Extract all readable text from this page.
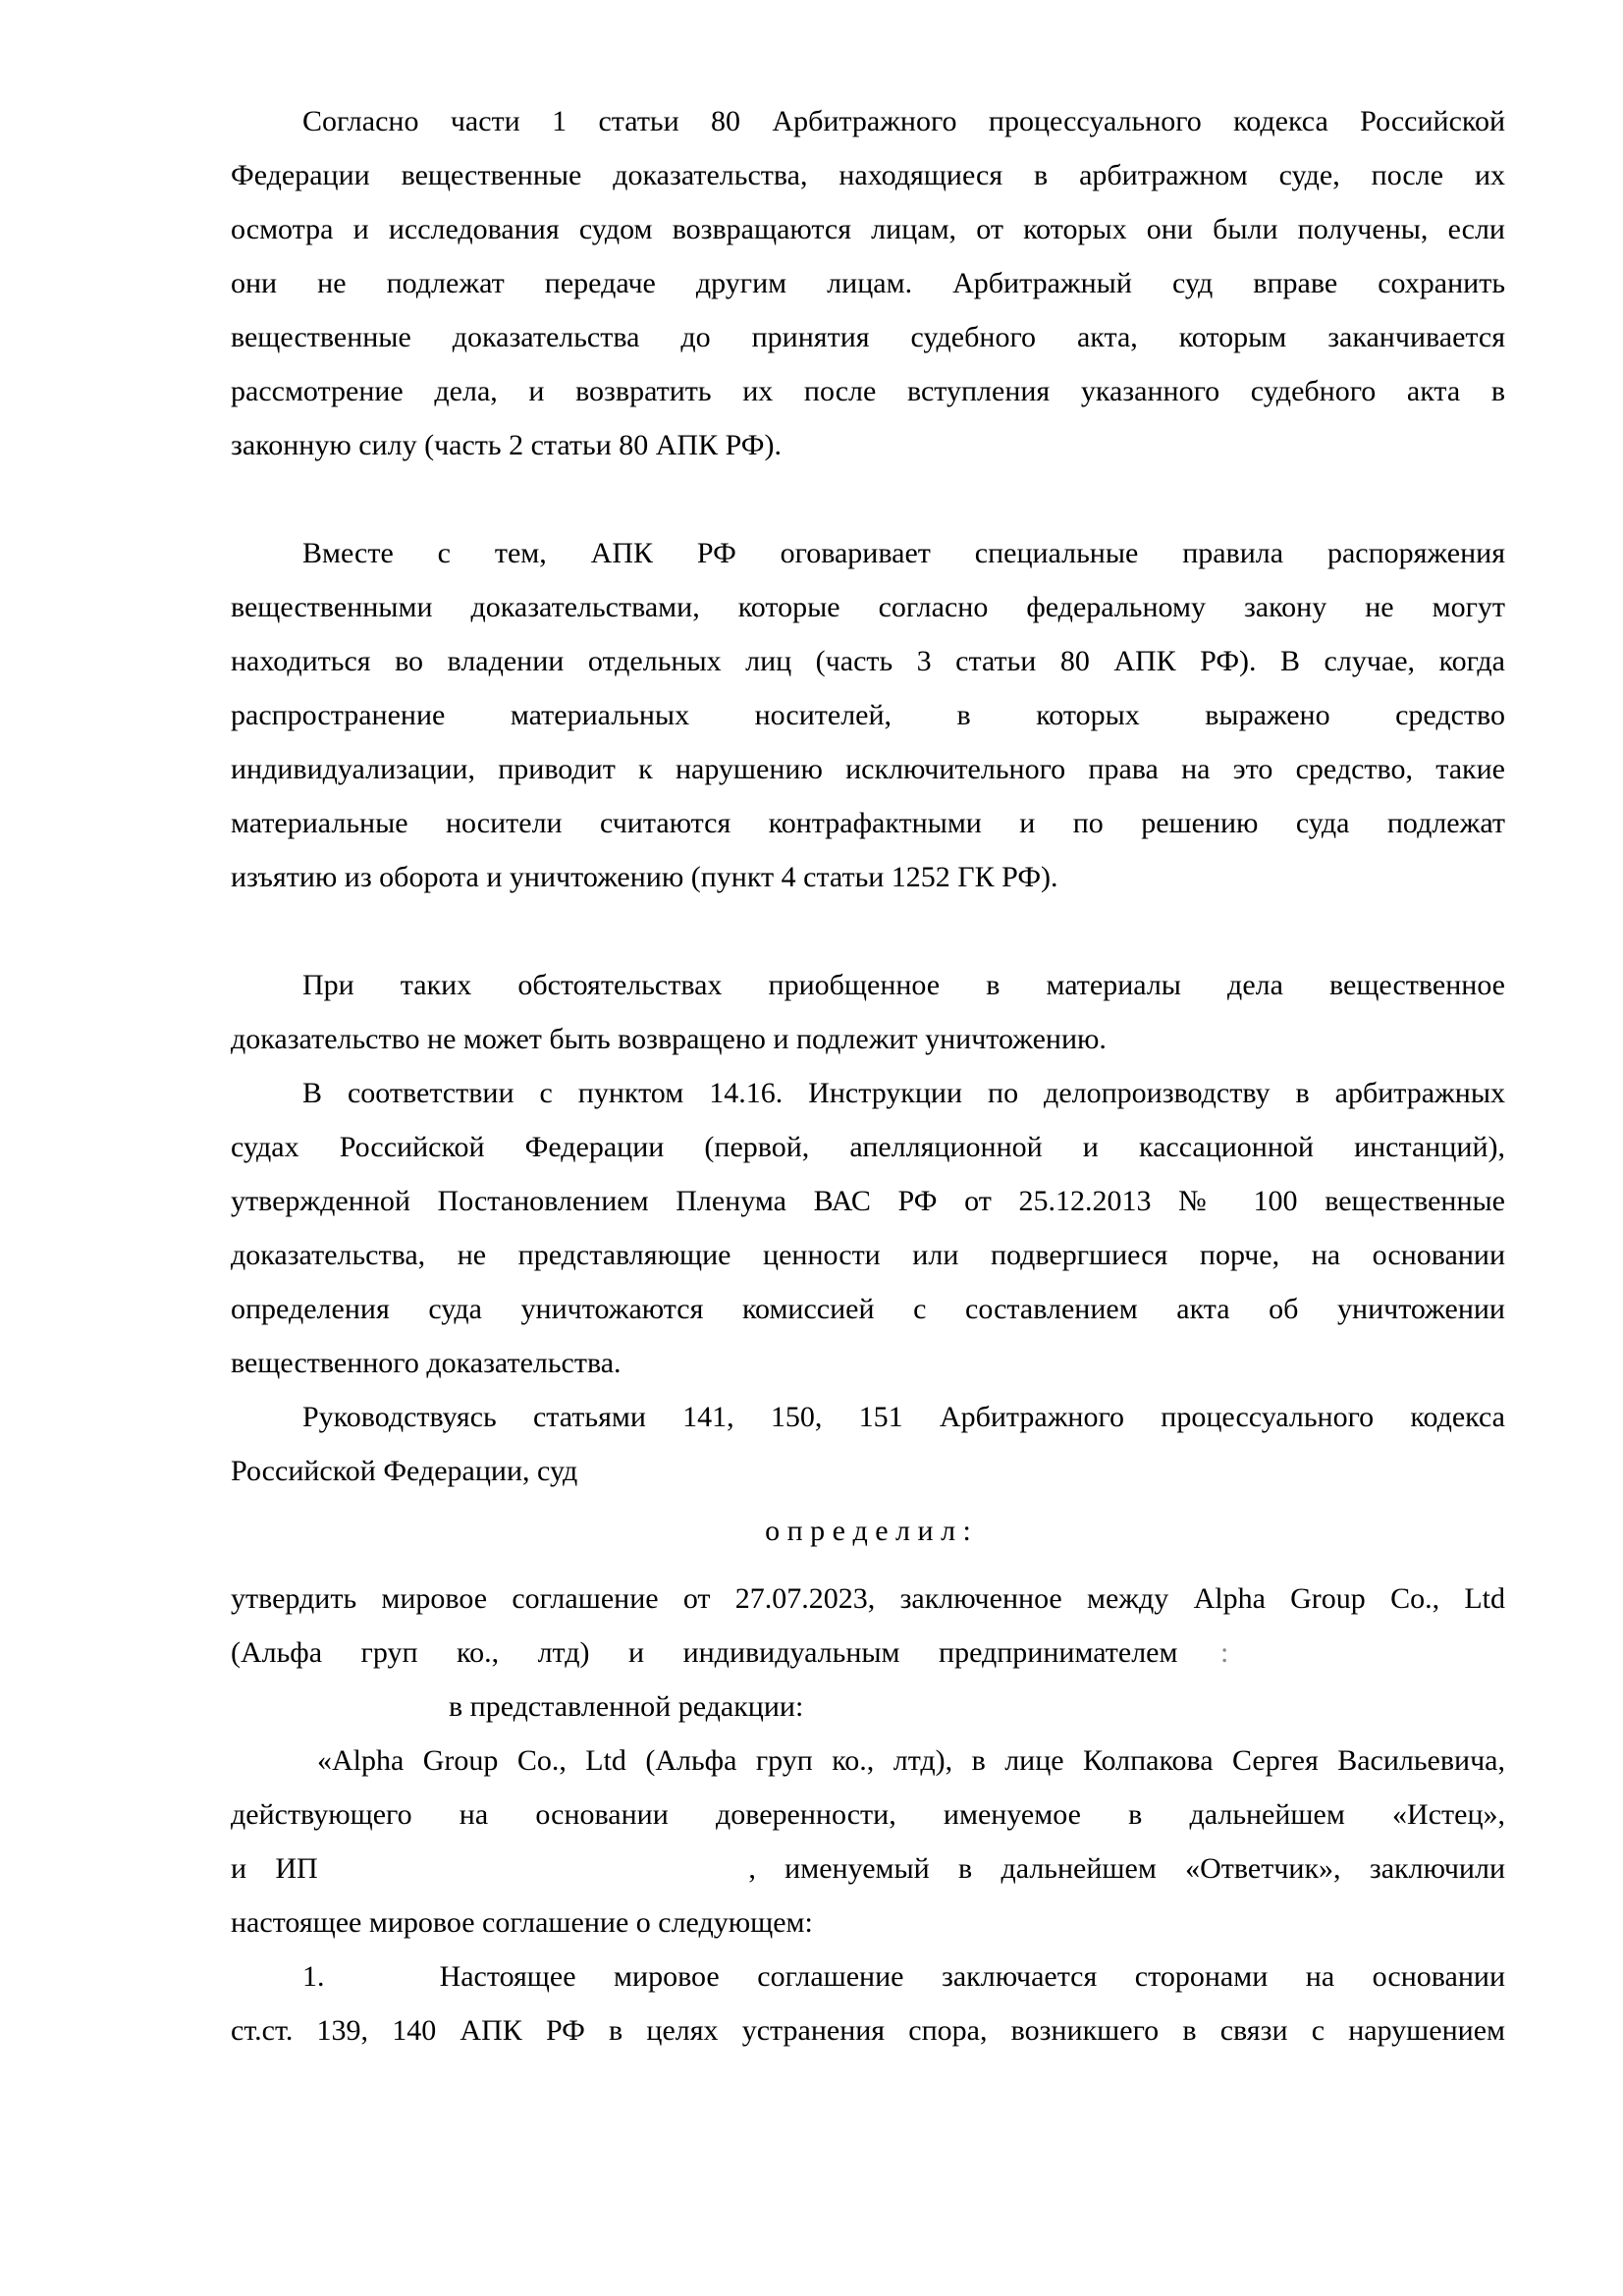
Согласно части 1 статьи 80 Арбитражного процессуального кодекса Российской
Федерации вещественные доказательства, находящиеся в арбитражном суде, после их
осмотра и исследования судом возвращаются лицам, от которых они были получены, если
они не подлежат передаче другим лицам. Арбитражный суд вправе сохранить
вещественные доказательства до принятия судебного акта, которым заканчивается
рассмотрение дела, и возвратить их после вступления указанного судебного акта в
законную силу (часть 2 статьи 80 АПК РФ).
Вместе с тем, АПК РФ оговаривает специальные правила распоряжения
вещественными доказательствами, которые согласно федеральному закону не могут
находиться во владении отдельных лиц (часть 3 статьи 80 АПК РФ). В случае, когда
распространение материальных носителей, в которых выражено средство
индивидуализации, приводит к нарушению исключительного права на это средство, такие
материальные носители считаются контрафактными и по решению суда подлежат
изъятию из оборота и уничтожению (пункт 4 статьи 1252 ГК РФ).
При таких обстоятельствах приобщенное в материалы дела вещественное
доказательство не может быть возвращено и подлежит уничтожению.
В соответствии с пунктом 14.16. Инструкции по делопроизводству в арбитражных
судах Российской Федерации (первой, апелляционной и кассационной инстанций),
утвержденной Постановлением Пленума ВАС РФ от 25.12.2013 № 100 вещественные
доказательства, не представляющие ценности или подвергшиеся порче, на основании
определения суда уничтожаются комиссией с составлением акта об уничтожении
вещественного доказательства.
Руководствуясь статьями 141, 150, 151 Арбитражного процессуального кодекса
Российской Федерации, суд
о п р е д е л и л :
утвердить мировое соглашение от 27.07.2023, заключенное между Alpha Group Co., Ltd
(Альфа груп ко., лтд) и индивидуальным предпринимателем :
в представленной редакции:
«Alpha Group Co., Ltd (Альфа груп ко., лтд), в лице Колпакова Сергея Васильевича,
действующего на основании доверенности, именуемое в дальнейшем «Истец»,
и ИП	, именуемый в дальнейшем «Ответчик», заключили
настоящее мировое соглашение о следующем:
1.	Настоящее мировое соглашение заключается сторонами на основании
ст.ст. 139, 140 АПК РФ в целях устранения спора, возникшего в связи с нарушением
